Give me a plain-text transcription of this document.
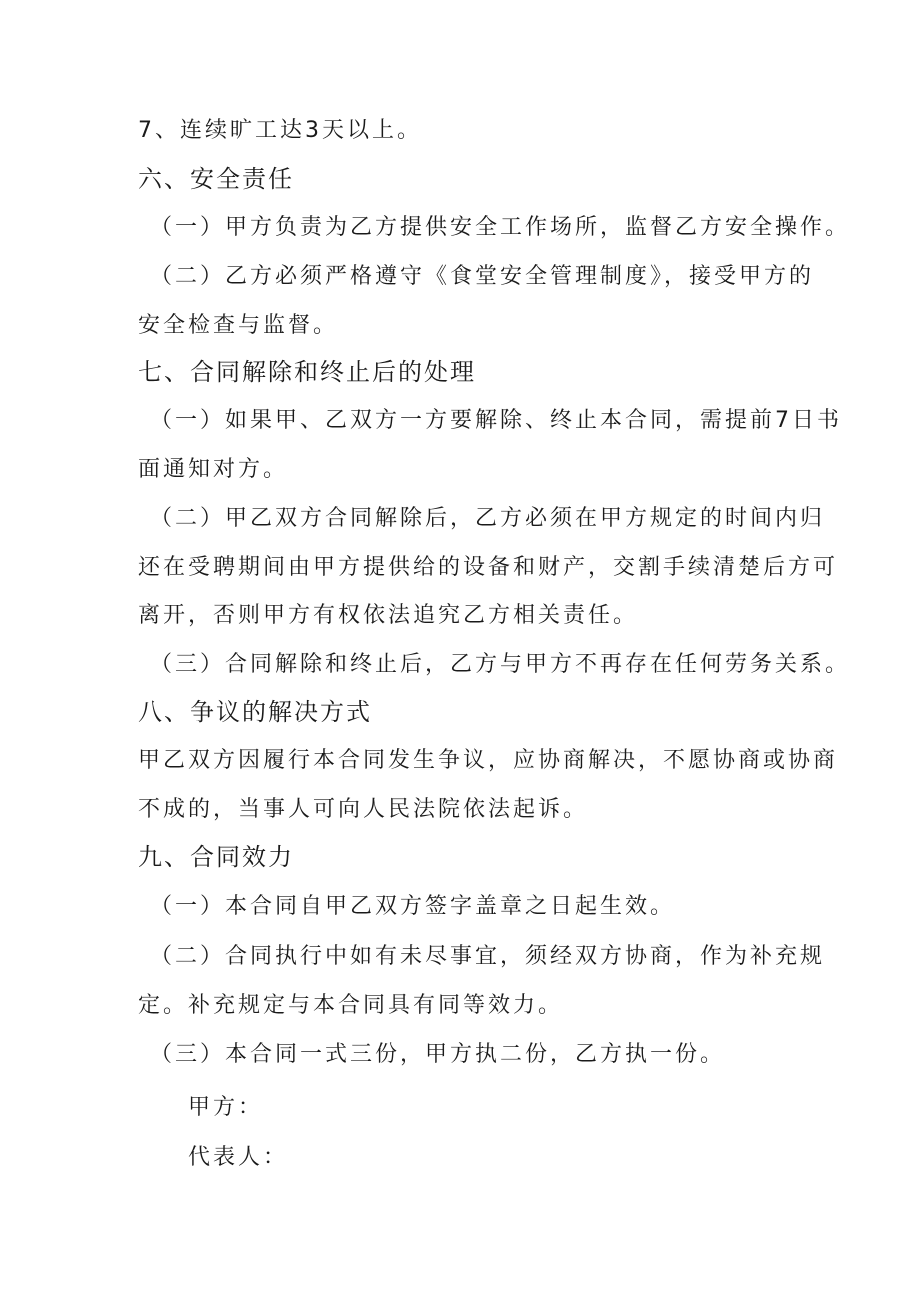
7、连续旷工达3天以上。
六、安全责任
（一）甲方负责为乙方提供安全工作场所，监督乙方安全操作。
（二）乙方必须严格遵守《食堂安全管理制度》，接受甲方的
安全检查与监督。
七、合同解除和终止后的处理
（一）如果甲、乙双方一方要解除、终止本合同，需提前7日书
面通知对方。
（二）甲乙双方合同解除后，乙方必须在甲方规定的时间内归
还在受聘期间由甲方提供给的设备和财产，交割手续清楚后方可
离开，否则甲方有权依法追究乙方相关责任。
（三）合同解除和终止后，乙方与甲方不再存在任何劳务关系。
八、争议的解决方式
甲乙双方因履行本合同发生争议，应协商解决，不愿协商或协商
不成的，当事人可向人民法院依法起诉。
九、合同效力
（一）本合同自甲乙双方签字盖章之日起生效。
（二）合同执行中如有未尽事宜，须经双方协商，作为补充规
定。补充规定与本合同具有同等效力。
（三）本合同一式三份，甲方执二份，乙方执一份。
甲方：
代表人：
